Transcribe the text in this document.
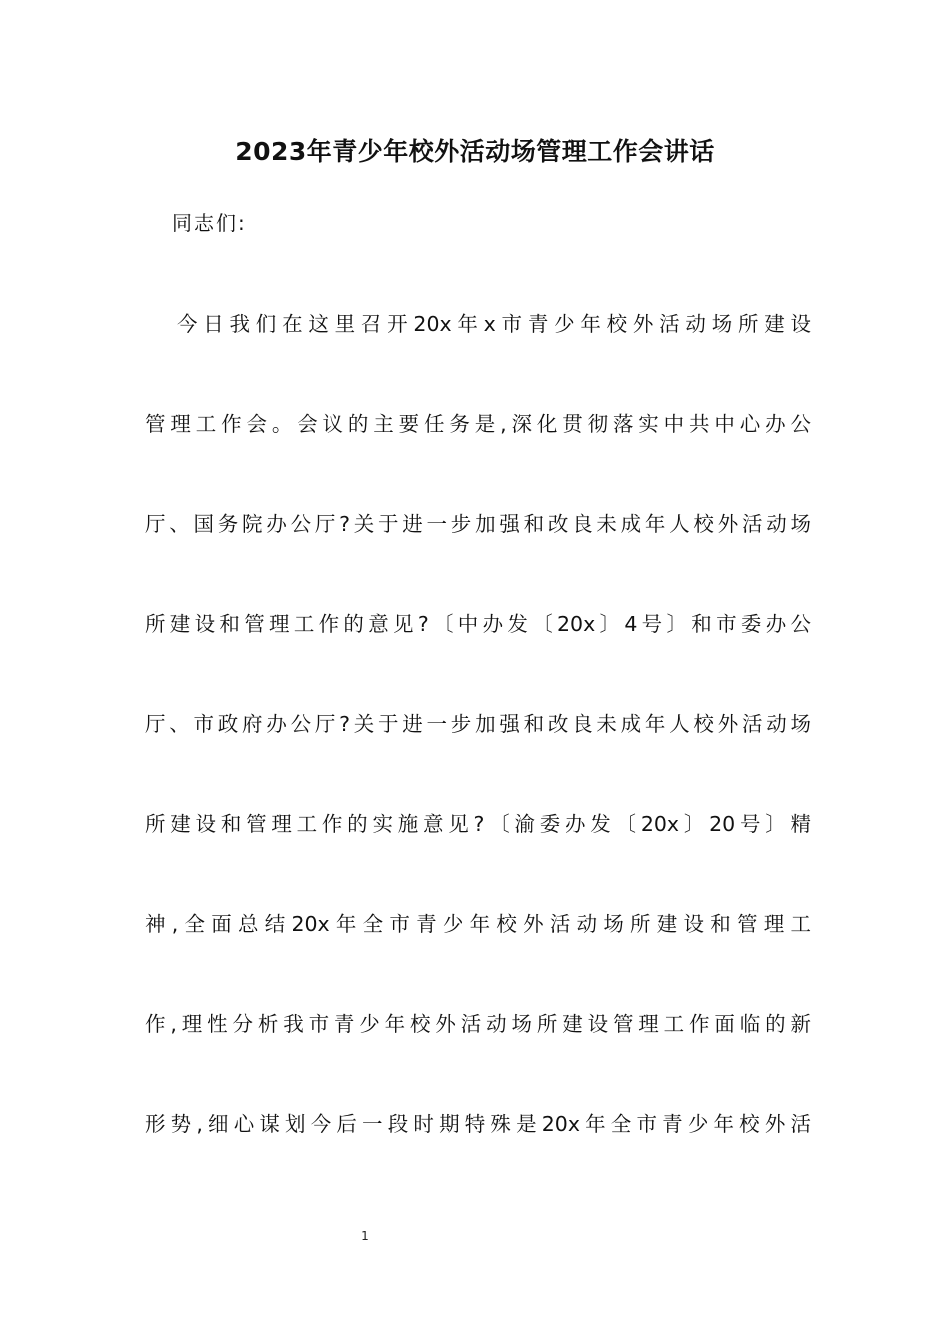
2023年青少年校外活动场管理工作会讲话

同志们:

今日我们在这里召开20x年x市青少年校外活动场所建设

管理工作会。会议的主要任务是,深化贯彻落实中共中心办公

厅、国务院办公厅?关于进一步加强和改良未成年人校外活动场

所建设和管理工作的意见?〔中办发〔20x〕4号〕和市委办公

厅、市政府办公厅?关于进一步加强和改良未成年人校外活动场

所建设和管理工作的实施意见?〔渝委办发〔20x〕20号〕精

神,全面总结20x年全市青少年校外活动场所建设和管理工

作,理性分析我市青少年校外活动场所建设管理工作面临的新

形势,细心谋划今后一段时期特殊是20x年全市青少年校外活

1
